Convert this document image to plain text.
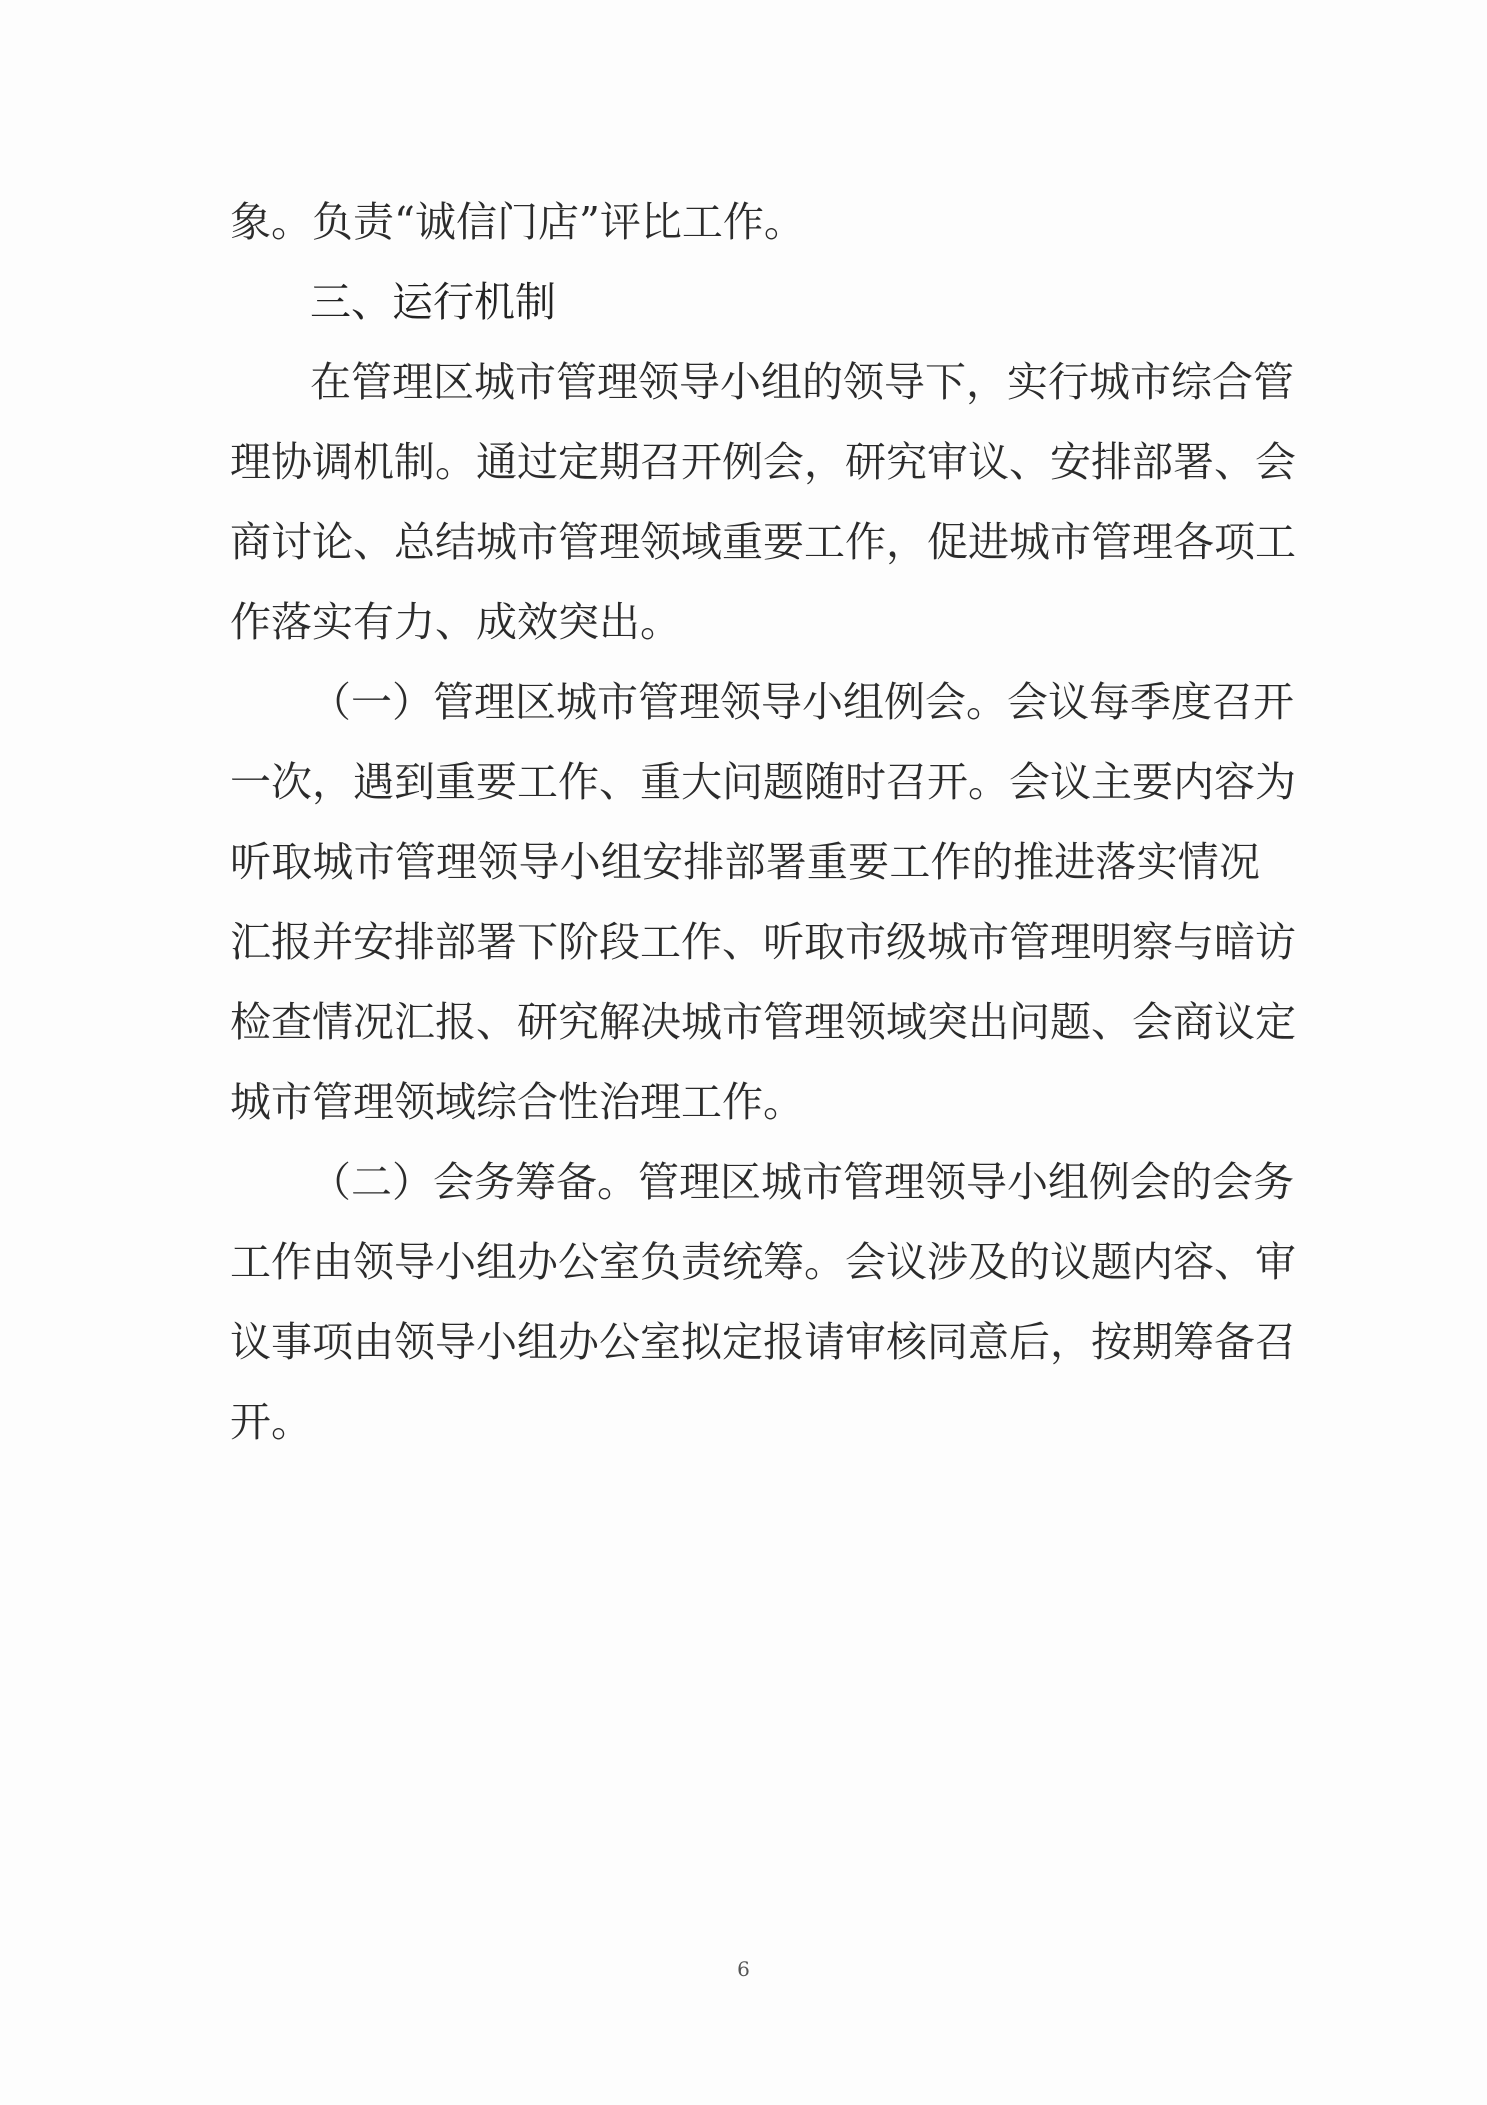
象。负责“诚信门店”评比工作。
三、运行机制
在管理区城市管理领导小组的领导下，实行城市综合管
理协调机制。通过定期召开例会，研究审议、安排部署、会
商讨论、总结城市管理领域重要工作，促进城市管理各项工
作落实有力、成效突出。
（一）管理区城市管理领导小组例会。会议每季度召开
一次，遇到重要工作、重大问题随时召开。会议主要内容为
听取城市管理领导小组安排部署重要工作的推进落实情况
汇报并安排部署下阶段工作、听取市级城市管理明察与暗访
检查情况汇报、研究解决城市管理领域突出问题、会商议定
城市管理领域综合性治理工作。
（二）会务筹备。管理区城市管理领导小组例会的会务
工作由领导小组办公室负责统筹。会议涉及的议题内容、审
议事项由领导小组办公室拟定报请审核同意后，按期筹备召
开。
6
